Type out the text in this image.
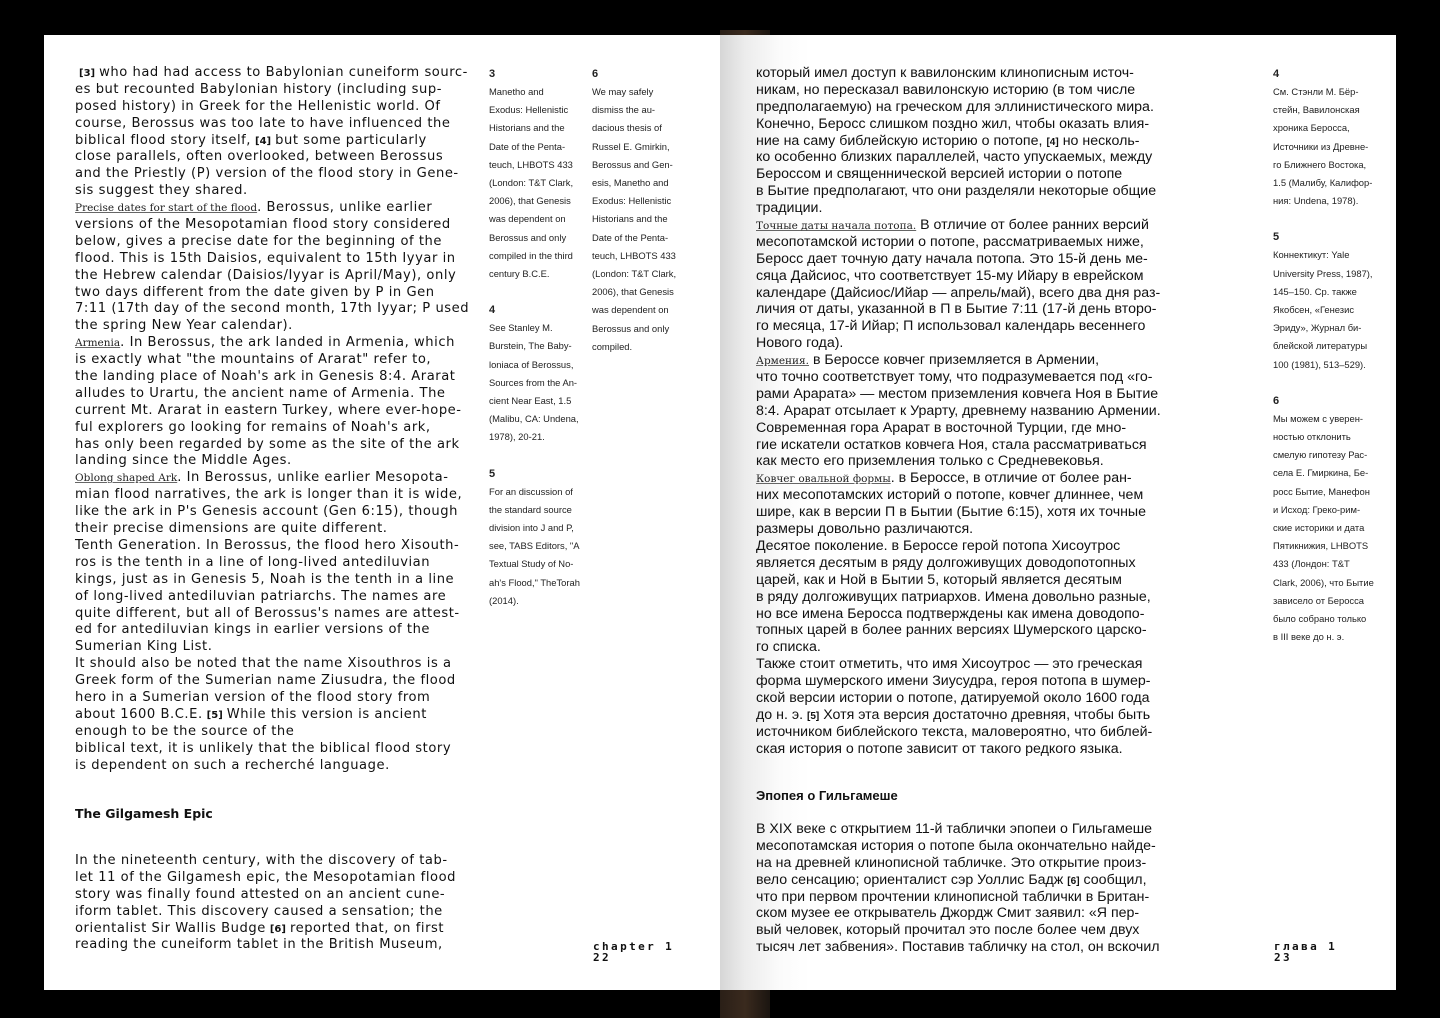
[3] who had had access to Babylonian cuneiform sourc-
es but recounted Babylonian history (including sup-
posed history) in Greek for the Hellenistic world. Of
course, Berossus was too late to have influenced the
biblical flood story itself, [4] but some particularly
close parallels, often overlooked, between Berossus
and the Priestly (P) version of the flood story in Gene-
sis suggest they shared.
Precise dates for start of the flood. Berossus, unlike earlier
versions of the Mesopotamian flood story considered
below, gives a precise date for the beginning of the
flood. This is 15th Daisios, equivalent to 15th Iyyar in
the Hebrew calendar (Daisios/Iyyar is April/May), only
two days different from the date given by P in Gen
7:11 (17th day of the second month, 17th Iyyar; P used
the spring New Year calendar).
Armenia. In Berossus, the ark landed in Armenia, which
is exactly what "the mountains of Ararat" refer to,
the landing place of Noah's ark in Genesis 8:4. Ararat
alludes to Urartu, the ancient name of Armenia. The
current Mt. Ararat in eastern Turkey, where ever-hope-
ful explorers go looking for remains of Noah's ark,
has only been regarded by some as the site of the ark
landing since the Middle Ages.
Oblong shaped Ark. In Berossus, unlike earlier Mesopota-
mian flood narratives, the ark is longer than it is wide,
like the ark in P's Genesis account (Gen 6:15), though
their precise dimensions are quite different.
Tenth Generation. In Berossus, the flood hero Xisouth-
ros is the tenth in a line of long-lived antediluvian
kings, just as in Genesis 5, Noah is the tenth in a line
of long-lived antediluvian patriarchs. The names are
quite different, but all of Berossus's names are attest-
ed for antediluvian kings in earlier versions of the
Sumerian King List.
It should also be noted that the name Xisouthros is a
Greek form of the Sumerian name Ziusudra, the flood
hero in a Sumerian version of the flood story from
about 1600 B.C.E. [5] While this version is ancient
enough to be the source of the
biblical text, it is unlikely that the biblical flood story
is dependent on such a recherché language.
The Gilgamesh Epic
In the nineteenth century, with the discovery of tab-
let 11 of the Gilgamesh epic, the Mesopotamian flood
story was finally found attested on an ancient cune-
iform tablet. This discovery caused a sensation; the
orientalist Sir Wallis Budge [6] reported that, on first
reading the cuneiform tablet in the British Museum,
3
Manetho and
Exodus: Hellenistic
Historians and the
Date of the Penta-
teuch, LHBOTS 433
(London: T&T Clark,
2006), that Genesis
was dependent on
Berossus and only
compiled in the third
century B.C.E.
4
See Stanley M.
Burstein, The Baby-
loniaca of Berossus,
Sources from the An-
cient Near East, 1.5
(Malibu, CA: Undena,
1978), 20-21.
5
For an discussion of
the standard source
division into J and P,
see, TABS Editors, "A
Textual Study of No-
ah's Flood," TheTorah
(2014).
6
We may safely
dismiss the au-
dacious thesis of
Russel E. Gmirkin,
Berossus and Gen-
esis, Manetho and
Exodus: Hellenistic
Historians and the
Date of the Penta-
teuch, LHBOTS 433
(London: T&T Clark,
2006), that Genesis
was dependent on
Berossus and only
compiled.
chapter 1
22
который имел доступ к вавилонским клинописным источ-
никам, но пересказал вавилонскую историю (в том числе
предполагаемую) на греческом для эллинистического мира.
Конечно, Беросс слишком поздно жил, чтобы оказать влия-
ние на саму библейскую историю о потопе, [4] но несколь-
ко особенно близких параллелей, часто упускаемых, между
Бероссом и священнической версией истории о потопе
в Бытие предполагают, что они разделяли некоторые общие
традиции.
Точные даты начала потопа. В отличие от более ранних версий
месопотамской истории о потопе, рассматриваемых ниже,
Беросс дает точную дату начала потопа. Это 15-й день ме-
сяца Дайсиос, что соответствует 15-му Ийару в еврейском
календаре (Дайсиос/Ийар — апрель/май), всего два дня раз-
личия от даты, указанной в П в Бытие 7:11 (17-й день второ-
го месяца, 17-й Ийар; П использовал календарь весеннего
Нового года).
Армения. в Бероссе ковчег приземляется в Армении,
что точно соответствует тому, что подразумевается под «го-
рами Арарата» — местом приземления ковчега Ноя в Бытие
8:4. Арарат отсылает к Урарту, древнему названию Армении.
Современная гора Арарат в восточной Турции, где мно-
гие искатели остатков ковчега Ноя, стала рассматриваться
как место его приземления только с Средневековья.
Ковчег овальной формы. в Бероссе, в отличие от более ран-
них месопотамских историй о потопе, ковчег длиннее, чем
шире, как в версии П в Бытии (Бытие 6:15), хотя их точные
размеры довольно различаются.
Десятое поколение. в Бероссе герой потопа Хисоутрос
является десятым в ряду долгоживущих доводопотопных
царей, как и Ной в Бытии 5, который является десятым
в ряду долгоживущих патриархов. Имена довольно разные,
но все имена Беросса подтверждены как имена доводопо-
топных царей в более ранних версиях Шумерского царско-
го списка.
Также стоит отметить, что имя Хисоутрос — это греческая
форма шумерского имени Зиусудра, героя потопа в шумер-
ской версии истории о потопе, датируемой около 1600 года
до н. э. [5] Хотя эта версия достаточно древняя, чтобы быть
источником библейского текста, маловероятно, что библей-
ская история о потопе зависит от такого редкого языка.
Эпопея о Гильгамеше
В XIX веке с открытием 11-й таблички эпопеи о Гильгамеше
месопотамская история о потопе была окончательно найде-
на на древней клинописной табличке. Это открытие произ-
вело сенсацию; ориенталист сэр Уоллис Бадж [6] сообщил,
что при первом прочтении клинописной таблички в Британ-
ском музее ее открыватель Джордж Смит заявил: «Я пер-
вый человек, который прочитал это после более чем двух
тысяч лет забвения». Поставив табличку на стол, он вскочил
4
См. Стэнли М. Бёр-
стейн, Вавилонская
хроника Беросса,
Источники из Древне-
го Ближнего Востока,
1.5 (Малибу, Калифор-
ния: Undena, 1978).
5
Коннектикут: Yale
University Press, 1987),
145–150. Ср. также
Якобсен, «Генезис
Эриду», Журнал би-
блейской литературы
100 (1981), 513–529).
6
Мы можем с уверен-
ностью отклонить
смелую гипотезу Рас-
села Е. Гмиркина, Бе-
росс Бытие, Манефон
и Исход: Греко-рим-
ские историки и дата
Пятикнижия, LHBOTS
433 (Лондон: T&T
Clark, 2006), что Бытие
зависело от Беросса
было собрано только
в III веке до н. э.
глава 1
23
